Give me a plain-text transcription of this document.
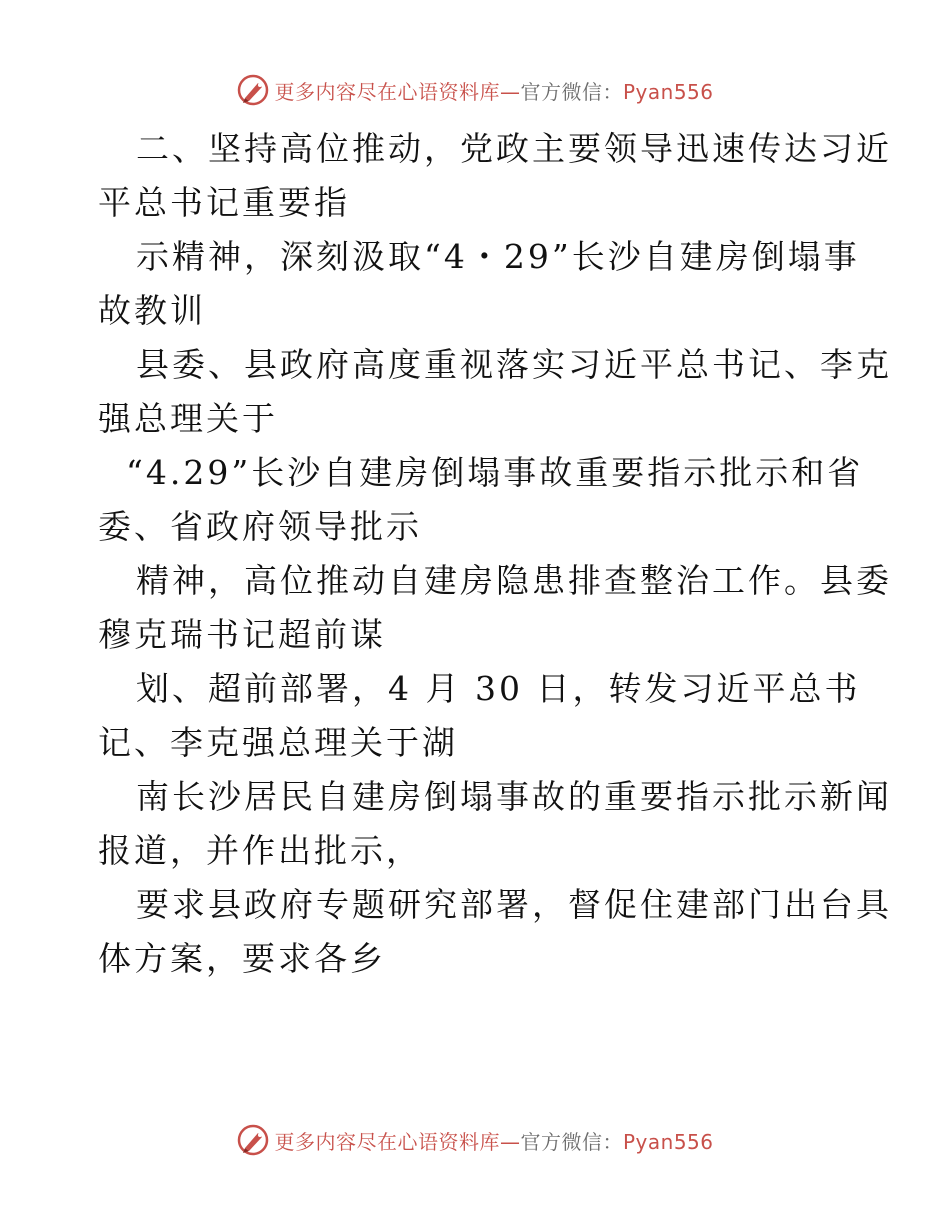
更多内容尽在心语资料库—官方微信：Pyan556
二、坚持高位推动，党政主要领导迅速传达习近
平总书记重要指
示精神，深刻汲取“4・29”长沙自建房倒塌事
故教训
县委、县政府高度重视落实习近平总书记、李克
强总理关于
“4.29”长沙自建房倒塌事故重要指示批示和省
委、省政府领导批示
精神，高位推动自建房隐患排查整治工作。县委
穆克瑞书记超前谋
划、超前部署，4 月 30 日，转发习近平总书
记、李克强总理关于湖
南长沙居民自建房倒塌事故的重要指示批示新闻
报道，并作出批示，
要求县政府专题研究部署，督促住建部门出台具
体方案，要求各乡
更多内容尽在心语资料库—官方微信：Pyan556
